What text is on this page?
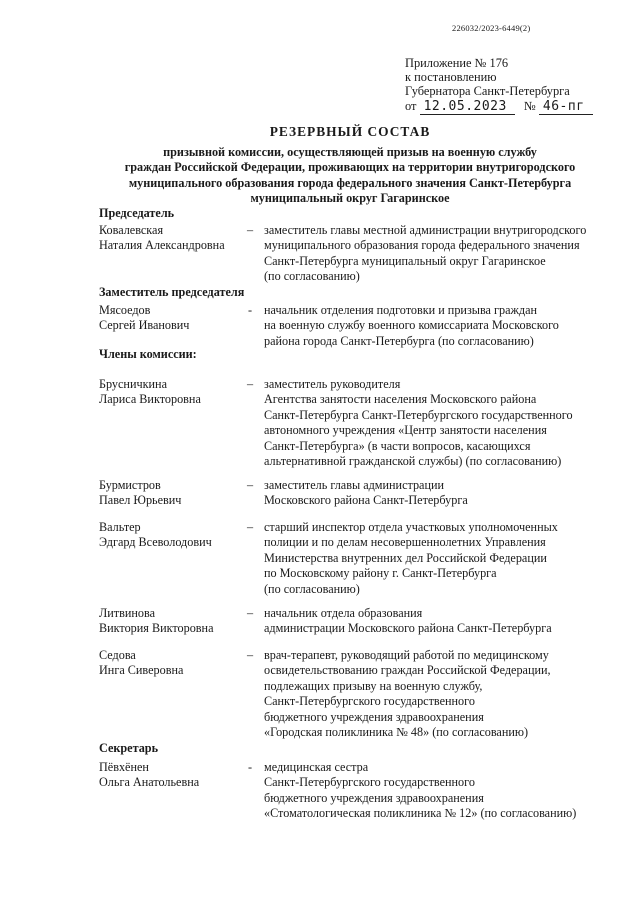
226032/2023-6449(2)
Приложение № 176
к постановлению
Губернатора Санкт-Петербурга
от 12.05.2023 № 46-пг
РЕЗЕРВНЫЙ СОСТАВ
призывной комиссии, осуществляющей призыв на военную службу
граждан Российской Федерации, проживающих на территории внутригородского
муниципального образования города федерального значения Санкт-Петербурга
муниципальный округ Гагаринское
Председатель
Ковалевская
Наталия Александровна
– заместитель главы местной администрации внутригородского
муниципального образования города федерального значения
Санкт-Петербурга муниципальный округ Гагаринское
(по согласованию)
Заместитель председателя
Мясоедов
Сергей Иванович
- начальник отделения подготовки и призыва граждан
на военную службу военного комиссариата Московского
района города Санкт-Петербурга (по согласованию)
Члены комиссии:
Брусничкина
Лариса Викторовна
– заместитель руководителя
Агентства занятости населения Московского района
Санкт-Петербурга Санкт-Петербургского государственного
автономного учреждения «Центр занятости населения
Санкт-Петербурга» (в части вопросов, касающихся
альтернативной гражданской службы) (по согласованию)
Бурмистров
Павел Юрьевич
– заместитель главы администрации
Московского района Санкт-Петербурга
Вальтер
Эдгард Всеволодович
– старший инспектор отдела участковых уполномоченных
полиции и по делам несовершеннолетних Управления
Министерства внутренних дел Российской Федерации
по Московскому району г. Санкт-Петербурга
(по согласованию)
Литвинова
Виктория Викторовна
– начальник отдела образования
администрации Московского района Санкт-Петербурга
Седова
Инга Сиверовна
– врач-терапевт, руководящий работой по медицинскому
освидетельствованию граждан Российской Федерации,
подлежащих призыву на военную службу,
Санкт-Петербургского государственного
бюджетного учреждения здравоохранения
«Городская поликлиника № 48» (по согласованию)
Секретарь
Пёвхёнен
Ольга Анатольевна
- медицинская сестра
Санкт-Петербургского государственного
бюджетного учреждения здравоохранения
«Стоматологическая поликлиника № 12» (по согласованию)
